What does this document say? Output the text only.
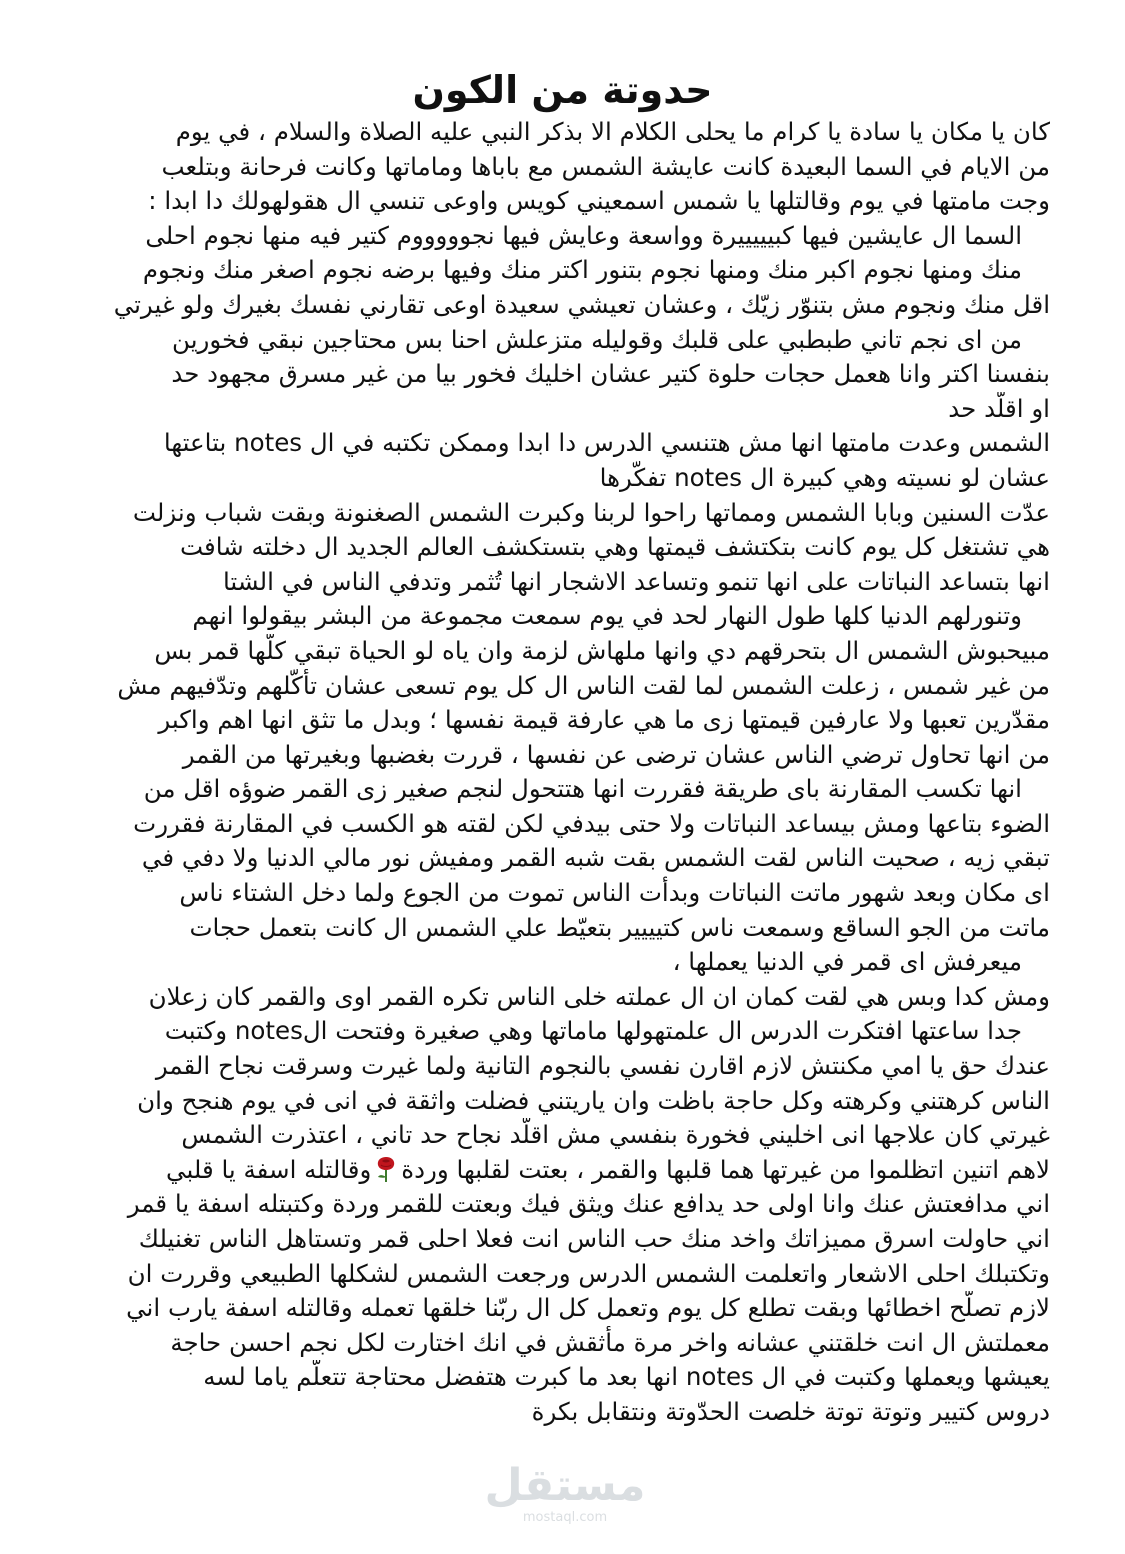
حدوتة من الكون
كان يا مكان يا سادة يا كرام ما يحلى الكلام الا بذكر النبي عليه الصلاة والسلام ، في يوم
من الايام في السما البعيدة كانت عايشة الشمس مع باباها وماماتها وكانت فرحانة وبتلعب
وجت مامتها في يوم وقالتلها يا شمس اسمعيني كويس واوعى تنسي ال هقولهولك دا ابدا :
السما ال عايشين فيها كبيييييرة وواسعة وعايش فيها نجوووووم كتير فيه منها نجوم احلى
منك ومنها نجوم اكبر منك ومنها نجوم بتنور اكتر منك وفيها برضه نجوم اصغر منك ونجوم
اقل منك ونجوم مش بتنوّر زيّك ، وعشان تعيشي سعيدة اوعى تقارني نفسك بغيرك ولو غيرتي
من اى نجم تاني طبطبي على قلبك وقوليله متزعلش احنا بس محتاجين نبقي فخورين
بنفسنا اكتر وانا هعمل حجات حلوة كتير عشان اخليك فخور بيا من غير مسرق مجهود حد
او اقلّد حد
الشمس وعدت مامتها انها مش هتنسي الدرس دا ابدا وممكن تكتبه في ال notes بتاعتها
عشان لو نسيته وهي كبيرة ال notes تفكّرها
عدّت السنين وبابا الشمس ومماتها راحوا لربنا وكبرت الشمس الصغنونة وبقت شباب ونزلت
هي تشتغل كل يوم كانت بتكتشف قيمتها وهي بتستكشف العالم الجديد ال دخلته شافت
انها بتساعد النباتات على انها تنمو وتساعد الاشجار انها تُثمر وتدفي الناس في الشتا
وتنورلهم الدنيا كلها طول النهار لحد في يوم سمعت مجموعة من البشر بيقولوا انهم
مبيحبوش الشمس ال بتحرقهم دي وانها ملهاش لزمة وان ياه لو الحياة تبقي كلّها قمر بس
من غير شمس ، زعلت الشمس لما لقت الناس ال كل يوم تسعى عشان تأكّلهم وتدّفيهم مش
مقدّرين تعبها ولا عارفين قيمتها زى ما هي عارفة قيمة نفسها ؛ وبدل ما تثق انها اهم واكبر
من انها تحاول ترضي الناس عشان ترضى عن نفسها ، قررت بغضبها وبغيرتها من القمر
انها تكسب المقارنة باى طريقة فقررت انها هتتحول لنجم صغير زى القمر ضوؤه اقل من
الضوء بتاعها ومش بيساعد النباتات ولا حتى بيدفي لكن لقته هو الكسب في المقارنة فقررت
تبقي زيه ، صحيت الناس لقت الشمس بقت شبه القمر ومفيش نور مالي الدنيا ولا دفي في
اى مكان وبعد شهور ماتت النباتات وبدأت الناس تموت من الجوع ولما دخل الشتاء ناس
ماتت من الجو الساقع وسمعت ناس كتيييير بتعيّط علي الشمس ال كانت بتعمل حجات
ميعرفش اى قمر في الدنيا يعملها ،
ومش كدا وبس هي لقت كمان ان ال عملته خلى الناس تكره القمر اوى والقمر كان زعلان
جدا ساعتها افتكرت الدرس ال علمتهولها ماماتها وهي صغيرة وفتحت الnotes وكتبت
عندك حق يا امي مكنتش لازم اقارن نفسي بالنجوم التانية ولما غيرت وسرقت نجاح القمر
الناس كرهتني وكرهته وكل حاجة باظت وان ياريتني فضلت واثقة في انى في يوم هنجح وان
غيرتي كان علاجها انى اخليني فخورة بنفسي مش اقلّد نجاح حد تاني ، اعتذرت الشمس
لاهم اتنين اتظلموا من غيرتها هما قلبها والقمر ، بعتت لقلبها وردةوقالتله اسفة يا قلبي
اني مدافعتش عنك وانا اولى حد يدافع عنك ويثق فيك وبعتت للقمر وردة وكتبتله اسفة يا قمر
اني حاولت اسرق مميزاتك واخد منك حب الناس انت فعلا احلى قمر وتستاهل الناس تغنيلك
وتكتبلك احلى الاشعار واتعلمت الشمس الدرس ورجعت الشمس لشكلها الطبيعي وقررت ان
لازم تصلّح اخطائها وبقت تطلع كل يوم وتعمل كل ال ربّنا خلقها تعمله وقالتله اسفة يارب اني
معملتش ال انت خلقتني عشانه واخر مرة مأثقش في انك اختارت لكل نجم احسن حاجة
يعيشها ويعملها وكتبت في ال notes انها بعد ما كبرت هتفضل محتاجة تتعلّم ياما لسه
دروس كتيير وتوتة توتة خلصت الحدّوتة ونتقابل بكرة
مستقل
mostaql.com
